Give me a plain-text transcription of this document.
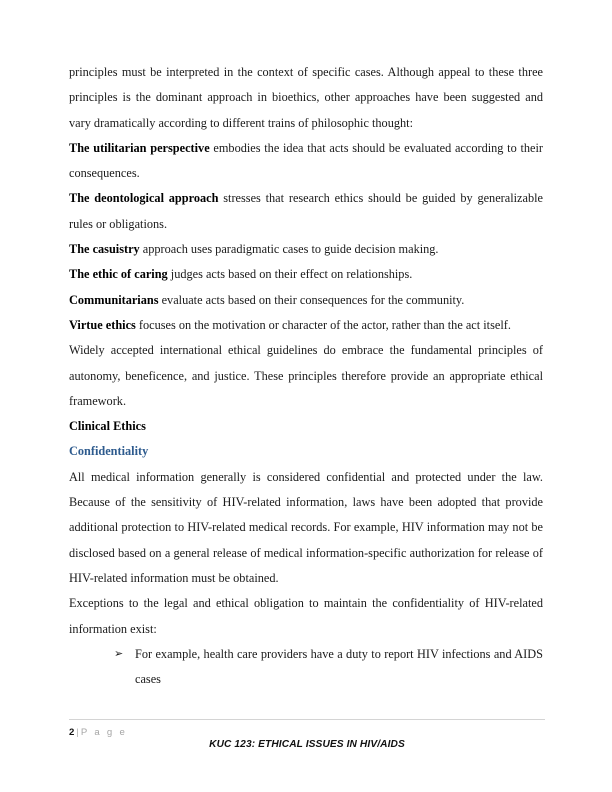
principles must be interpreted in the context of specific cases. Although appeal to these three principles is the dominant approach in bioethics, other approaches have been suggested and vary dramatically according to different trains of philosophic thought:

The utilitarian perspective embodies the idea that acts should be evaluated according to their consequences.

The deontological approach stresses that research ethics should be guided by generalizable rules or obligations.

The casuistry approach uses paradigmatic cases to guide decision making.

The ethic of caring judges acts based on their effect on relationships.

Communitarians evaluate acts based on their consequences for the community.

Virtue ethics focuses on the motivation or character of the actor, rather than the act itself.

Widely accepted international ethical guidelines do embrace the fundamental principles of autonomy, beneficence, and justice. These principles therefore provide an appropriate ethical framework.

Clinical Ethics
Confidentiality

All medical information generally is considered confidential and protected under the law. Because of the sensitivity of HIV-related information, laws have been adopted that provide additional protection to HIV-related medical records. For example, HIV information may not be disclosed based on a general release of medical information-specific authorization for release of HIV-related information must be obtained.

Exceptions to the legal and ethical obligation to maintain the confidentiality of HIV-related information exist:

➢ For example, health care providers have a duty to report HIV infections and AIDS cases
2 | P a g e
KUC 123: ETHICAL ISSUES IN HIV/AIDS
